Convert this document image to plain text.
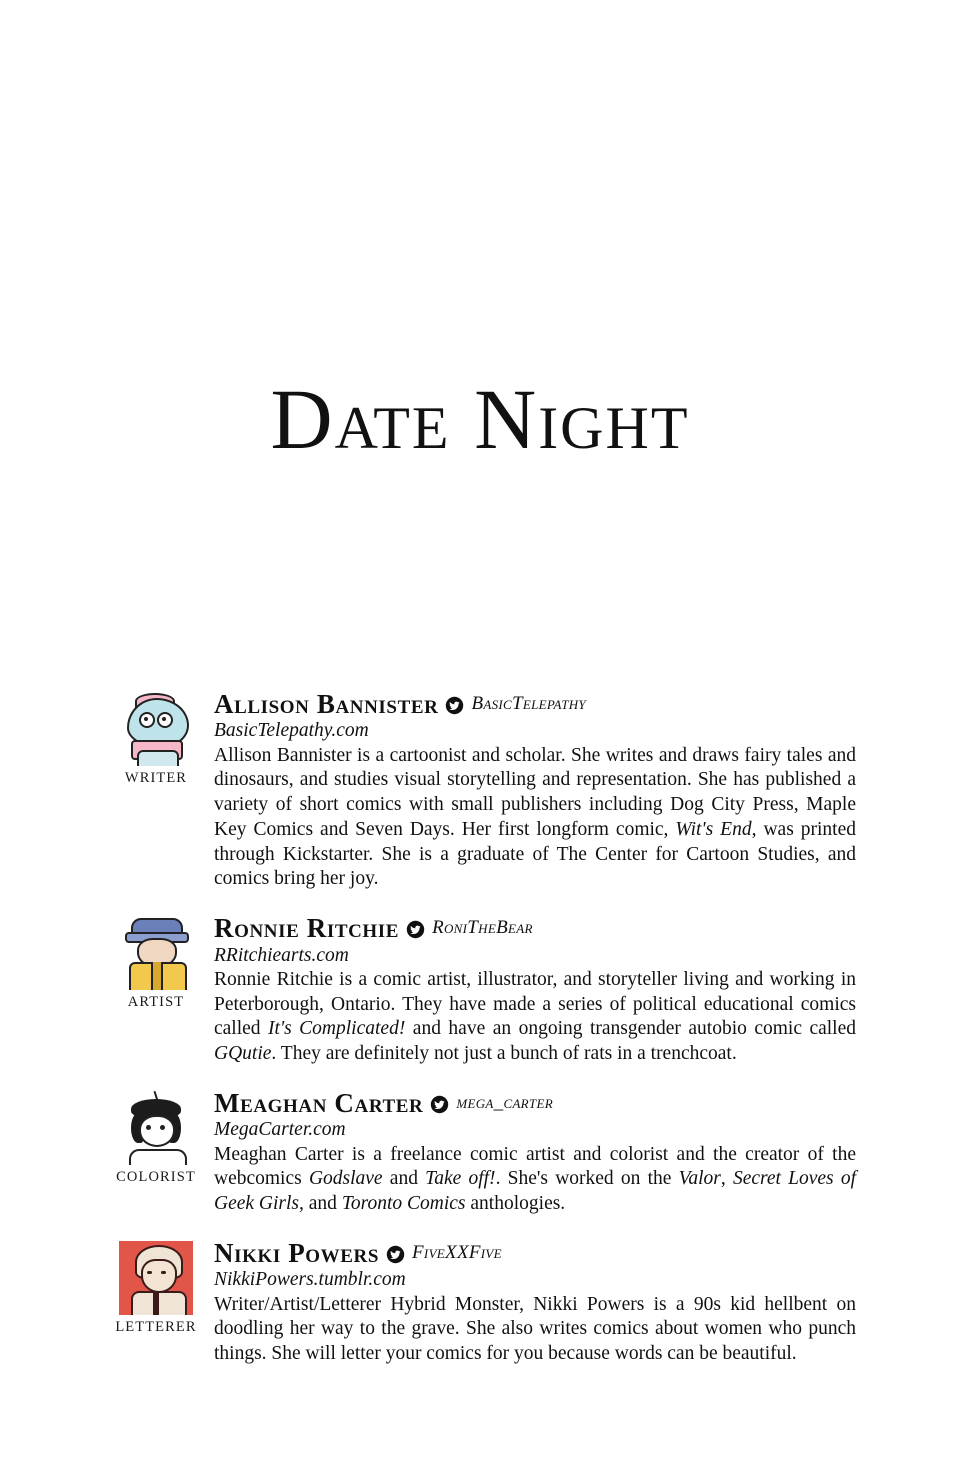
Date Night
WRITER
Allison Bannister BasicTelepathy
BasicTelepathy.com
Allison Bannister is a cartoonist and scholar. She writes and draws fairy tales and dinosaurs, and studies visual storytelling and representation. She has published a variety of short comics with small publishers including Dog City Press, Maple Key Comics and Seven Days. Her first longform comic, Wit's End, was printed through Kickstarter. She is a graduate of The Center for Cartoon Studies, and comics bring her joy.
ARTIST
Ronnie Ritchie RoniTheBear
RRitchiearts.com
Ronnie Ritchie is a comic artist, illustrator, and storyteller living and working in Peterborough, Ontario. They have made a series of political educational comics called It's Complicated! and have an ongoing transgender autobio comic called GQutie. They are definitely not just a bunch of rats in a trenchcoat.
COLORIST
Meaghan Carter mega_carter
MegaCarter.com
Meaghan Carter is a freelance comic artist and colorist and the creator of the webcomics Godslave and Take off!. She's worked on the Valor, Secret Loves of Geek Girls, and Toronto Comics anthologies.
LETTERER
Nikki Powers FiveXXFive
NikkiPowers.tumblr.com
Writer/Artist/Letterer Hybrid Monster, Nikki Powers is a 90s kid hellbent on doodling her way to the grave. She also writes comics about women who punch things. She will letter your comics for you because words can be beautiful.
